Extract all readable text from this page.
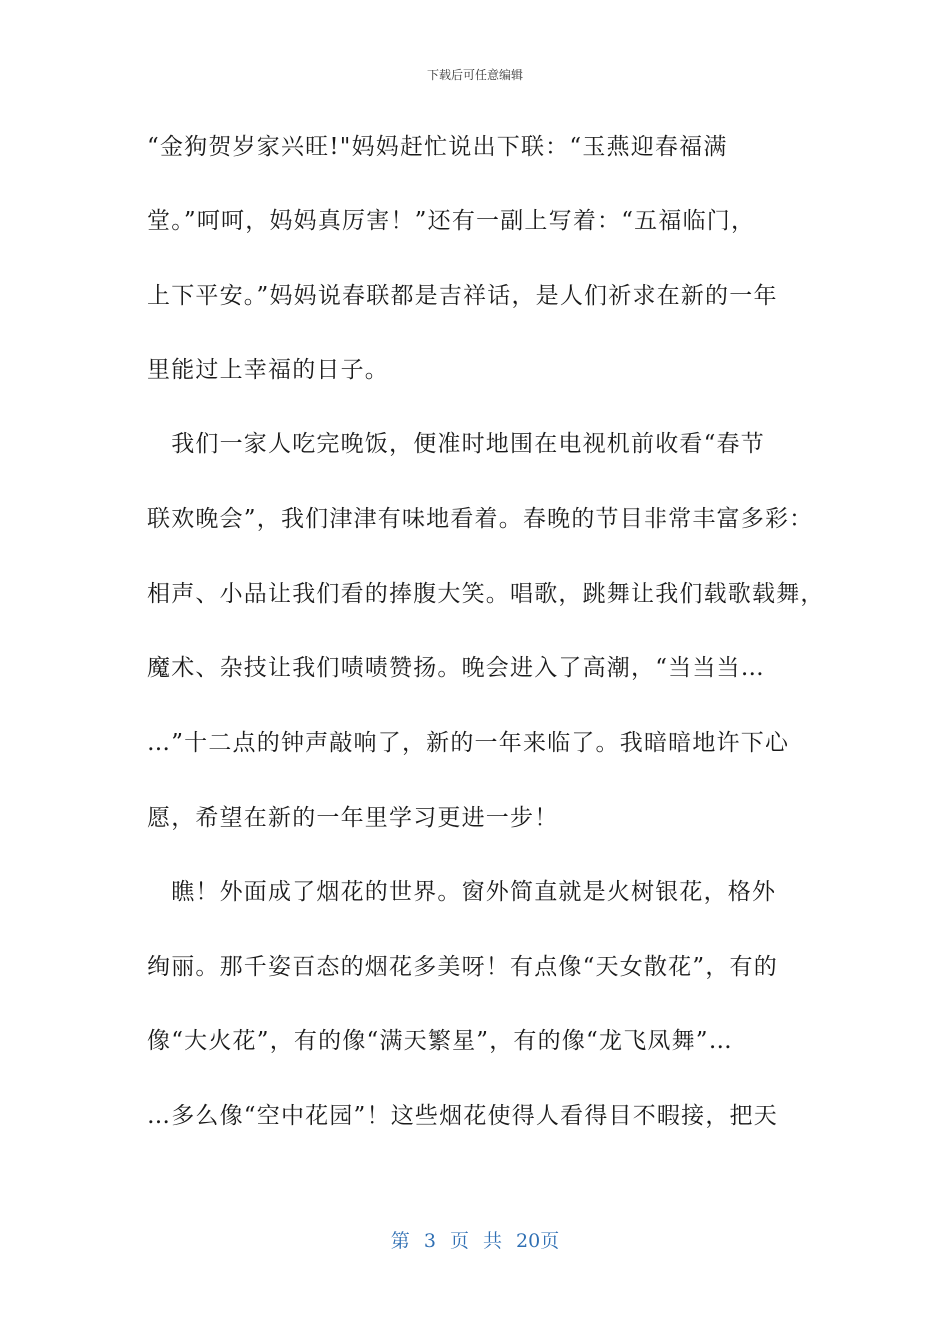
下载后可任意编辑
“金狗贺岁家兴旺!"妈妈赶忙说出下联：“玉燕迎春福满
堂。”呵呵，妈妈真厉害！”还有一副上写着：“五福临门，
上下平安。”妈妈说春联都是吉祥话，是人们祈求在新的一年
里能过上幸福的日子。
　我们一家人吃完晚饭，便准时地围在电视机前收看“春节
联欢晚会”，我们津津有味地看着。春晚的节目非常丰富多彩：
相声、小品让我们看的捧腹大笑。唱歌，跳舞让我们载歌载舞，
魔术、杂技让我们啧啧赞扬。晚会进入了高潮，“当当当…
…”十二点的钟声敲响了，新的一年来临了。我暗暗地许下心
愿，希望在新的一年里学习更进一步！
　瞧！外面成了烟花的世界。窗外简直就是火树银花，格外
绚丽。那千姿百态的烟花多美呀！有点像“天女散花”，有的
像“大火花”，有的像“满天繁星”，有的像“龙飞凤舞”…
…多么像“空中花园”！这些烟花使得人看得目不暇接，把天
第 3 页 共 20页
